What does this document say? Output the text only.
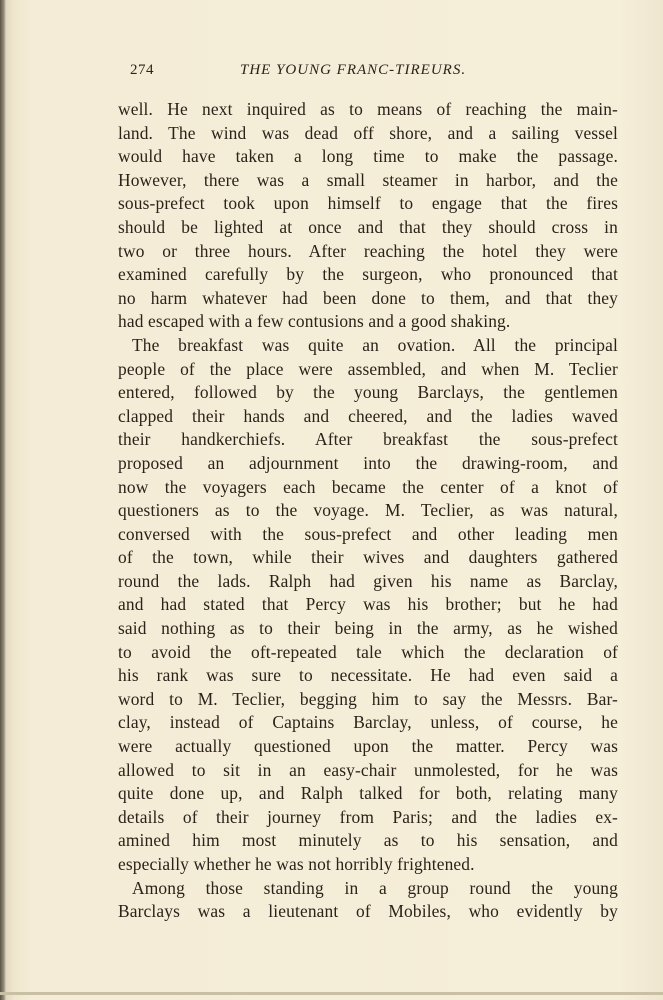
274	THE YOUNG FRANC-TIREURS.
well. He next inquired as to means of reaching the main-
land. The wind was dead off shore, and a sailing vessel
would have taken a long time to make the passage.
However, there was a small steamer in harbor, and the
sous-prefect took upon himself to engage that the fires
should be lighted at once and that they should cross in
two or three hours. After reaching the hotel they were
examined carefully by the surgeon, who pronounced that
no harm whatever had been done to them, and that they
had escaped with a few contusions and a good shaking.
The breakfast was quite an ovation. All the principal
people of the place were assembled, and when M. Teclier
entered, followed by the young Barclays, the gentlemen
clapped their hands and cheered, and the ladies waved
their handkerchiefs. After breakfast the sous-prefect
proposed an adjournment into the drawing-room, and
now the voyagers each became the center of a knot of
questioners as to the voyage. M. Teclier, as was natural,
conversed with the sous-prefect and other leading men
of the town, while their wives and daughters gathered
round the lads. Ralph had given his name as Barclay,
and had stated that Percy was his brother; but he had
said nothing as to their being in the army, as he wished
to avoid the oft-repeated tale which the declaration of
his rank was sure to necessitate. He had even said a
word to M. Teclier, begging him to say the Messrs. Bar-
clay, instead of Captains Barclay, unless, of course, he
were actually questioned upon the matter. Percy was
allowed to sit in an easy-chair unmolested, for he was
quite done up, and Ralph talked for both, relating many
details of their journey from Paris; and the ladies ex-
amined him most minutely as to his sensation, and
especially whether he was not horribly frightened.
Among those standing in a group round the young
Barclays was a lieutenant of Mobiles, who evidently by
